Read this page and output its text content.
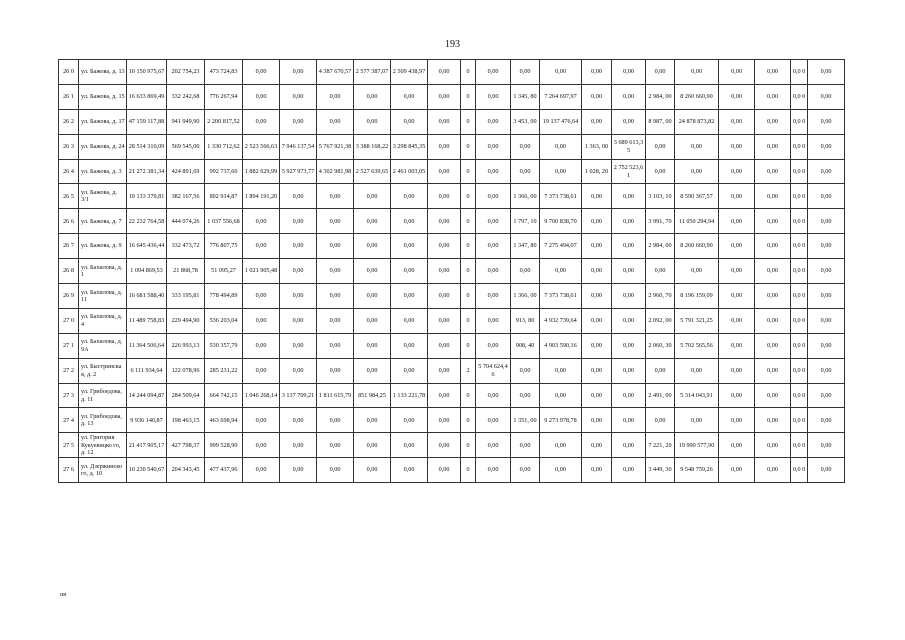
193
26 0	ул. Бажова, д. 13	10 150 975,67	202 754,23	473 724,83	0,00	0,00	4 387 670,57	2 577 387,07	2 509 438,97	0,00	0	0,00	0,00	0,00	0,00	0,00	0,00	0,00	0,00	0,00	0,0 0	0,00
26 1	ул. Бажова, д. 15	16 633 869,49	332 242,68	776 267,94	0,00	0,00	0,00	0,00	0,00	0,00	0	0,00	1 345, 80	7 264 697,97	0,00	0,00	2 984, 00	8 260 660,90	0,00	0,00	0,0 0	0,00
26 2	ул. Бажова, д. 17	47 159 117,88	941 949,90	2 200 817,52	0,00	0,00	0,00	0,00	0,00	0,00	0	0,00	3 453, 00	19 137 476,64	0,00	0,00	8 987, 00	24 878 873,82	0,00	0,00	0,0 0	0,00
26 3	ул. Бажова, д. 24	28 514 310,09	569 545,00	1 330 712,62	2 523 566,63	7 946 137,54	5 767 921,38	3 388 168,22	3 298 845,35	0,00	0	0,00	0,00	0,00	1 363, 00	3 689 613,35	0,00	0,00	0,00	0,00	0,0 0	0,00
26 4	ул. Бажова, д. 3	21 272 381,34	424 891,69	992 737,60	1 882 629,99	5 927 973,77	4 302 981,98	2 527 639,65	2 461 003,05	0,00	0	0,00	0,00	0,00	1 028, 20	2 752 523,61	0,00	0,00	0,00	0,00	0,0 0	0,00
26 5	ул. Бажова, д. 3/1	19 133 379,81	382 167,56	892 914,87	1 894 191,20	0,00	0,00	0,00	0,00	0,00	0	0,00	1 366, 00	7 373 738,61	0,00	0,00	3 103, 10	8 590 367,57	0,00	0,00	0,0 0	0,00
26 6	ул. Бажова, д. 7	22 232 764,58	444 074,26	1 037 556,68	0,00	0,00	0,00	0,00	0,00	0,00	0	0,00	1 797, 10	9 700 838,70	0,00	0,00	3 991, 70	11 050 294,94	0,00	0,00	0,0 0	0,00
26 7	ул. Бажова, д. 9	16 645 436,44	332 473,72	776 807,75	0,00	0,00	0,00	0,00	0,00	0,00	0	0,00	1 347, 80	7 275 494,07	0,00	0,00	2 984, 00	8 260 660,90	0,00	0,00	0,0 0	0,00
26 8	ул. Бахилова, д. 1	1 094 869,53	21 868,78	51 095,27	1 021 905,48	0,00	0,00	0,00	0,00	0,00	0	0,00	0,00	0,00	0,00	0,00	0,00	0,00	0,00	0,00	0,0 0	0,00
26 9	ул. Бахилова, д. 11	16 681 588,40	333 195,81	778 494,89	0,00	0,00	0,00	0,00	0,00	0,00	0	0,00	1 366, 00	7 373 738,61	0,00	0,00	2 960, 70	8 196 159,09	0,00	0,00	0,0 0	0,00
27 0	ул. Бахилова, д. 4	11 489 758,83	229 494,90	536 203,04	0,00	0,00	0,00	0,00	0,00	0,00	0	0,00	913, 80	4 932 739,64	0,00	0,00	2 092, 00	5 791 321,25	0,00	0,00	0,0 0	0,00
27 1	ул. Бахилова, д. 9А	11 364 506,64	226 993,13	530 357,79	0,00	0,00	0,00	0,00	0,00	0,00	0	0,00	908, 40	4 903 590,16	0,00	0,00	2 060, 30	5 702 565,56	0,00	0,00	0,0 0	0,00
27 2	ул. Быстринска я, д. 2	6 111 934,64	122 078,96	285 231,22	0,00	0,00	0,00	0,00	0,00	0,00	2	5 704 624,46	0,00	0,00	0,00	0,00	0,00	0,00	0,00	0,00	0,0 0	0,00
27 3	ул. Грибоедова, д. 11	14 244 094,87	284 509,64	664 742,15	1 046 268,14	3 137 709,21	1 811 615,79	851 984,25	1 133 221,78	0,00	0	0,00	0,00	0,00	0,00	0,00	2 491, 00	5 314 043,91	0,00	0,00	0,0 0	0,00
27 4	ул. Грибоедова, д. 13	9 936 140,87	198 463,15	463 698,94	0,00	0,00	0,00	0,00	0,00	0,00	0	0,00	1 351, 00	9 273 978,78	0,00	0,00	0,00	0,00	0,00	0,00	0,0 0	0,00
27 5	ул. Григория Кукуевицко го, д. 12	21 417 905,17	427 798,37	999 528,90	0,00	0,00	0,00	0,00	0,00	0,00	0	0,00	0,00	0,00	0,00	0,00	7 221, 20	19 990 577,90	0,00	0,00	0,0 0	0,00
27 6	ул. Дзержинско го, д. 10	10 230 540,67	204 343,45	477 437,96	0,00	0,00	0,00	0,00	0,00	0,00	0	0,00	0,00	0,00	0,00	0,00	3 449, 30	9 548 759,26	0,00	0,00	0,0 0	0,00
ии
